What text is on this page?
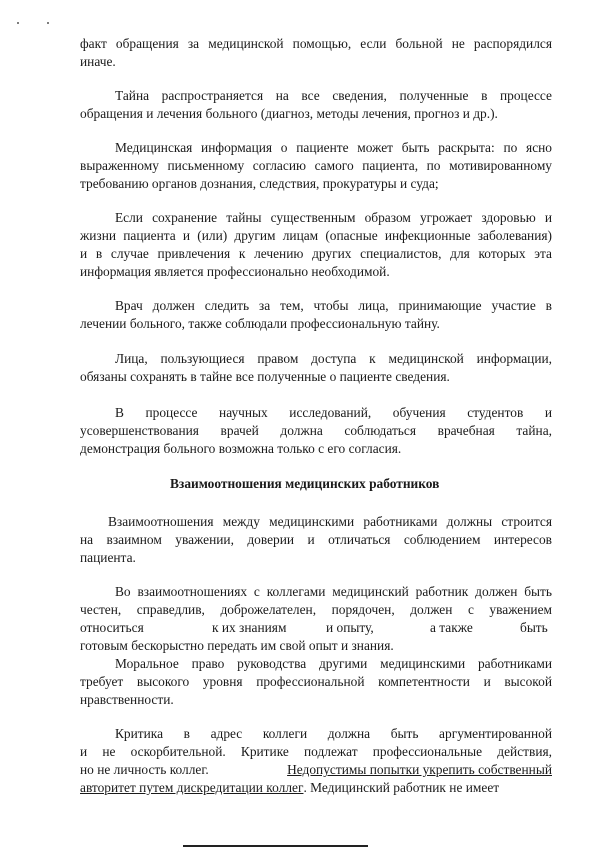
факт обращения за медицинской помощью, если больной не распорядился
иначе.
Тайна распространяется на все сведения, полученные в процессе
обращения и лечения больного (диагноз, методы лечения, прогноз и др.).
Медицинская информация о пациенте может быть раскрыта: по ясно
выраженному письменному согласию самого пациента, по мотивированному
требованию органов дознания, следствия, прокуратуры и суда;
Если сохранение тайны существенным образом угрожает здоровью и
жизни пациента и (или) другим лицам (опасные инфекционные заболевания)
и в случае привлечения к лечению других специалистов, для которых эта
информация является профессионально необходимой.
Врач должен следить за тем, чтобы лица, принимающие участие в
лечении больного, также соблюдали профессиональную тайну.
Лица, пользующиеся правом доступа к медицинской информации,
обязаны сохранять в тайне все полученные о пациенте сведения.
В процессе научных исследований, обучения студентов и
усовершенствования врачей должна соблюдаться врачебная тайна,
демонстрация больного возможна только с его согласия.
Взаимоотношения медицинских работников
Взаимоотношения между медицинскими работниками должны строится
на взаимном уважении, доверии и отличаться соблюдением интересов
пациента.
Во взаимоотношениях с коллегами медицинский работник должен быть
честен, справедлив, доброжелателен, порядочен, должен с уважением
относиться	к их знаниям	и опыту,	а также	быть
готовым бескорыстно передать им свой опыт и знания.
Моральное право руководства другими медицинскими работниками
требует высокого уровня профессиональной компетентности и высокой
нравственности.
Критика в адрес коллеги должна быть аргументированной
и не оскорбительной. Критике подлежат профессиональные действия,
но не личность коллег.	Недопустимы попытки укрепить собственный
авторитет путем дискредитации коллег . Медицинский работник не имеет
